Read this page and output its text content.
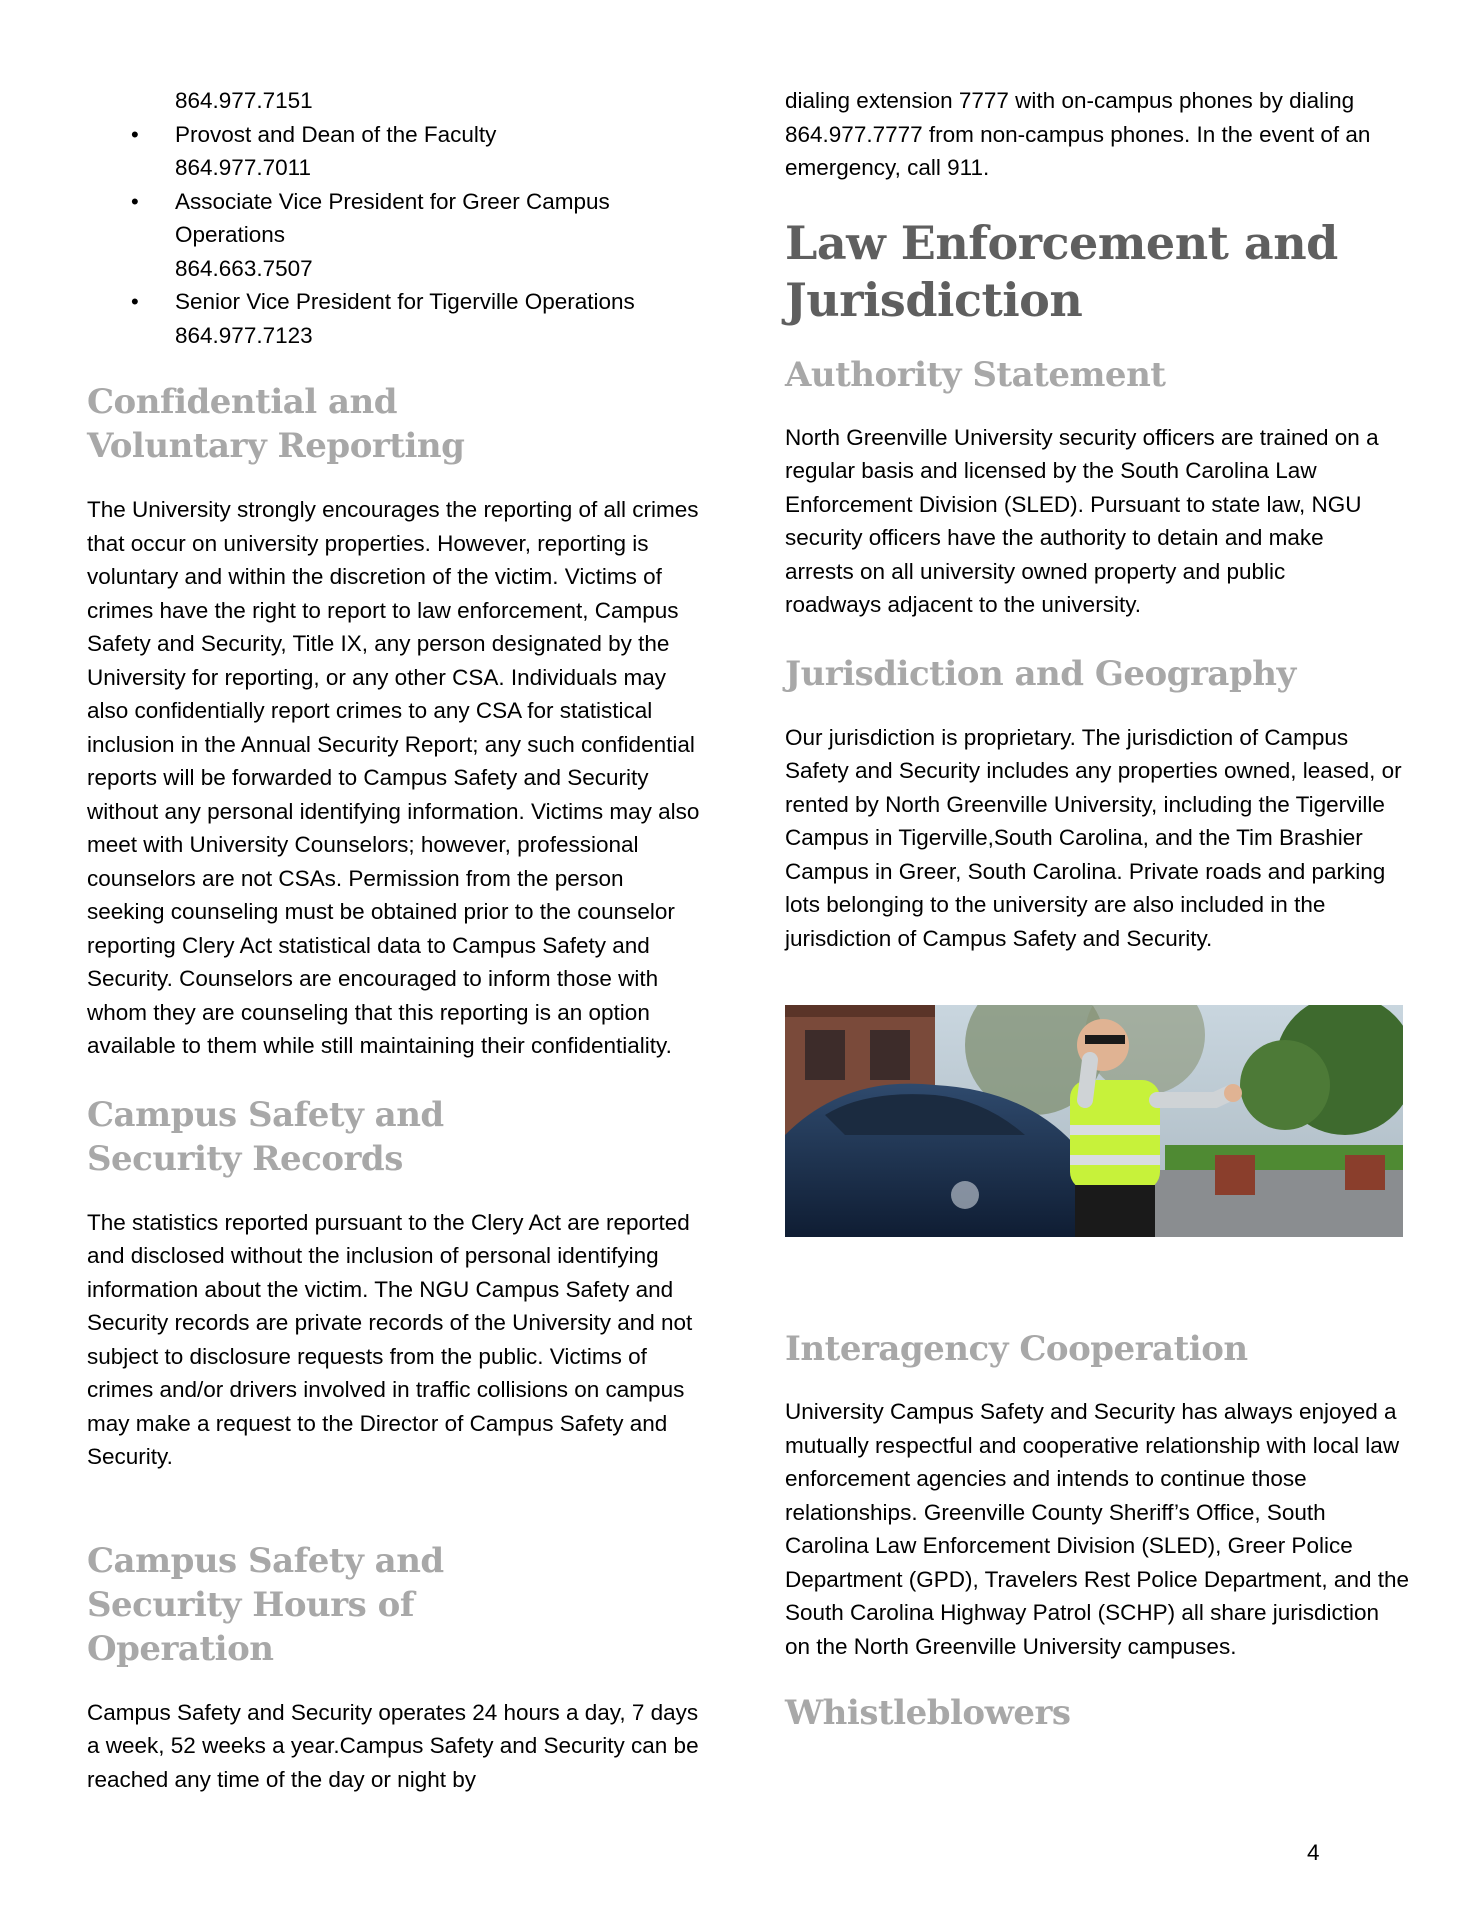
864.977.7151
• Provost and Dean of the Faculty
864.977.7011
• Associate Vice President for Greer Campus Operations
864.663.7507
• Senior Vice President for Tigerville Operations
864.977.7123
Confidential and Voluntary Reporting

The University strongly encourages the reporting of all crimes that occur on university properties. However, reporting is voluntary and within the discretion of the victim. Victims of crimes have the right to report to law enforcement, Campus Safety and Security, Title IX, any person designated by the University for reporting, or any other CSA. Individuals may also confidentially report crimes to any CSA for statistical inclusion in the Annual Security Report; any such confidential reports will be forwarded to Campus Safety and Security without any personal identifying information. Victims may also meet with University Counselors; however, professional counselors are not CSAs. Permission from the person seeking counseling must be obtained prior to the counselor reporting Clery Act statistical data to Campus Safety and Security. Counselors are encouraged to inform those with whom they are counseling that this reporting is an option available to them while still maintaining their confidentiality.

Campus Safety and Security Records

The statistics reported pursuant to the Clery Act are reported and disclosed without the inclusion of personal identifying information about the victim. The NGU Campus Safety and Security records are private records of the University and not subject to disclosure requests from the public. Victims of crimes and/or drivers involved in traffic collisions on campus may make a request to the Director of Campus Safety and Security.

Campus Safety and Security Hours of Operation

Campus Safety and Security operates 24 hours a day, 7 days a week, 52 weeks a year.Campus Safety and Security can be reached any time of the day or night by

dialing extension 7777 with on-campus phones by dialing 864.977.7777 from non-campus phones. In the event of an emergency, call 911.

Law Enforcement and Jurisdiction
Authority Statement

North Greenville University security officers are trained on a regular basis and licensed by the South Carolina Law Enforcement Division (SLED). Pursuant to state law, NGU security officers have the authority to detain and make arrests on all university owned property and public roadways adjacent to the university.

Jurisdiction and Geography

Our jurisdiction is proprietary. The jurisdiction of Campus Safety and Security includes any properties owned, leased, or rented by North Greenville University, including the Tigerville Campus in Tigerville,South Carolina, and the Tim Brashier Campus in Greer, South Carolina. Private roads and parking lots belonging to the university are also included in the jurisdiction of Campus Safety and Security.

Interagency Cooperation

University Campus Safety and Security has always enjoyed a mutually respectful and cooperative relationship with local law enforcement agencies and intends to continue those relationships. Greenville County Sheriff’s Office, South Carolina Law Enforcement Division (SLED), Greer Police Department (GPD), Travelers Rest Police Department, and the South Carolina Highway Patrol (SCHP) all share jurisdiction on the North Greenville University campuses.

Whistleblowers
4
